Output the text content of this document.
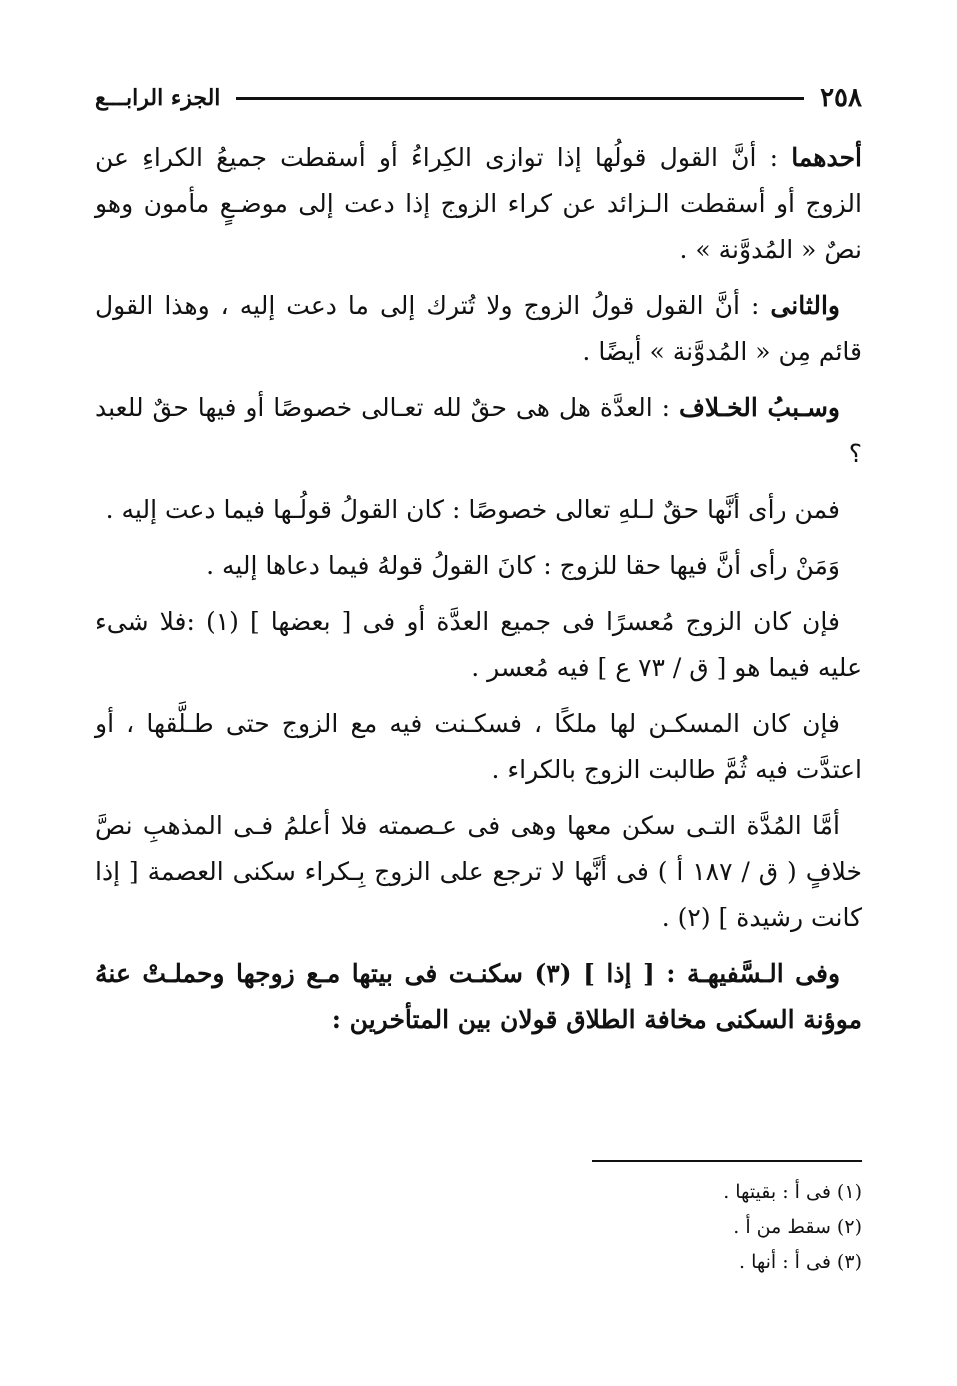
٢٥٨
الجزء الرابـــع

أحدهما : أنَّ القول قولُها إذا توازى الكِراءُ أو أسقطت جميعُ الكراءِ عن الزوج أو أسقطت الـزائد عن كراء الزوج إذا دعت إلى موضـعٍ مأمون وهو نصٌ « المُدوَّنة » .

والثانى : أنَّ القول قولُ الزوج ولا تُترك إلى ما دعت إليه ، وهذا القول قائم مِن « المُدوَّنة » أيضًا .

وسـببُ الخـلاف : العدَّة هل هى حقٌ لله تعـالى خصوصًا أو فيها حقٌ للعبد ؟

فمن رأى أنَّها حقٌ لـلهِ تعالى خصوصًا : كان القولُ قولُـها فيما دعت إليه .

وَمَنْ رأى أنَّ فيها حقا للزوج : كانَ القولُ قولهُ فيما دعاها إليه .

فإن كان الزوج مُعسرًا فى جميع العدَّة أو فى [ بعضها ] (١) :فلا شىء عليه فيما هو [ ق / ٧٣ ع ] فيه مُعسر .

فإن كان المسكـن لها ملكًا ، فسكـنت فيه مع الزوج حتى طـلَّقها ، أو اعتدَّت فيه ثُمَّ طالبت الزوج بالكراء .

أمَّا المُدَّة التـى سكن معها وهى فى عـصمته فلا أعلمُ فـى المذهبِ نصَّ خلافٍ ( ق / ١٨٧ أ ) فى أنَّها لا ترجع على الزوج بِـكراء سكنى العصمة [ إذا كانت رشيدة ] (٢) .

وفى الـسَّفيهـة : [ إذا ] (٣) سكنـت فى بيتها مـع زوجها وحملـتْ عنهُ موؤنة السكنى مخافة الطلاق قولان بين المتأخرين :

(١) فى أ : بقيتها .

(٢) سقط من أ .

(٣) فى أ : أنها .
